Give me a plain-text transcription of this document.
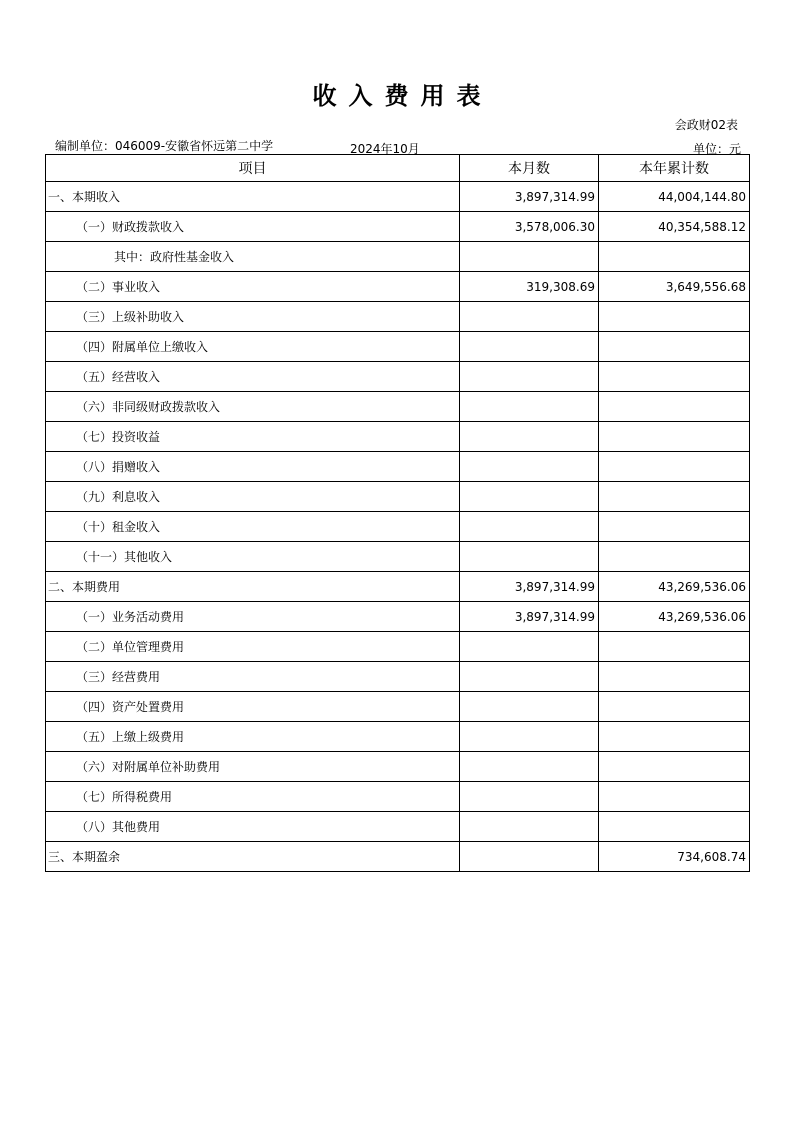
收入费用表
会政财02表
编制单位：046009-安徽省怀远第二中学	2024年10月	单位：元
项目	本月数	本年累计数
一、本期收入	3,897,314.99	44,004,144.80
（一）财政拨款收入	3,578,006.30	40,354,588.12
其中：政府性基金收入		
（二）事业收入	319,308.69	3,649,556.68
（三）上级补助收入		
（四）附属单位上缴收入		
（五）经营收入		
（六）非同级财政拨款收入		
（七）投资收益		
（八）捐赠收入		
（九）利息收入		
（十）租金收入		
（十一）其他收入		
二、本期费用	3,897,314.99	43,269,536.06
（一）业务活动费用	3,897,314.99	43,269,536.06
（二）单位管理费用		
（三）经营费用		
（四）资产处置费用		
（五）上缴上级费用		
（六）对附属单位补助费用		
（七）所得税费用		
（八）其他费用		
三、本期盈余		734,608.74
